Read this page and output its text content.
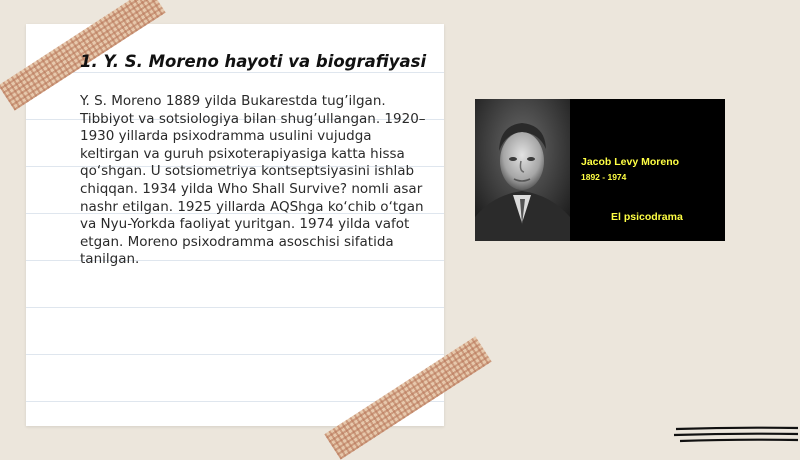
1. Y. S. Moreno hayoti va biografiyasi

Y. S. Moreno 1889 yilda Bukarestda tug’ilgan. Tibbiyot va sotsiologiya bilan shug’ullangan. 1920–1930 yillarda psixodramma usulini vujudga keltirgan va guruh psixoterapiyasiga katta hissa qo‘shgan. U sotsiometriya kontseptsiyasini ishlab chiqqan. 1934 yilda Who Shall Survive? nomli asar nashr etilgan. 1925 yillarda AQShga ko‘chib o‘tgan va Nyu-Yorkda faoliyat yuritgan. 1974 yilda vafot etgan. Moreno psixodramma asoschisi sifatida tanilgan.

Jacob Levy Moreno

1892 - 1974

El psicodrama
